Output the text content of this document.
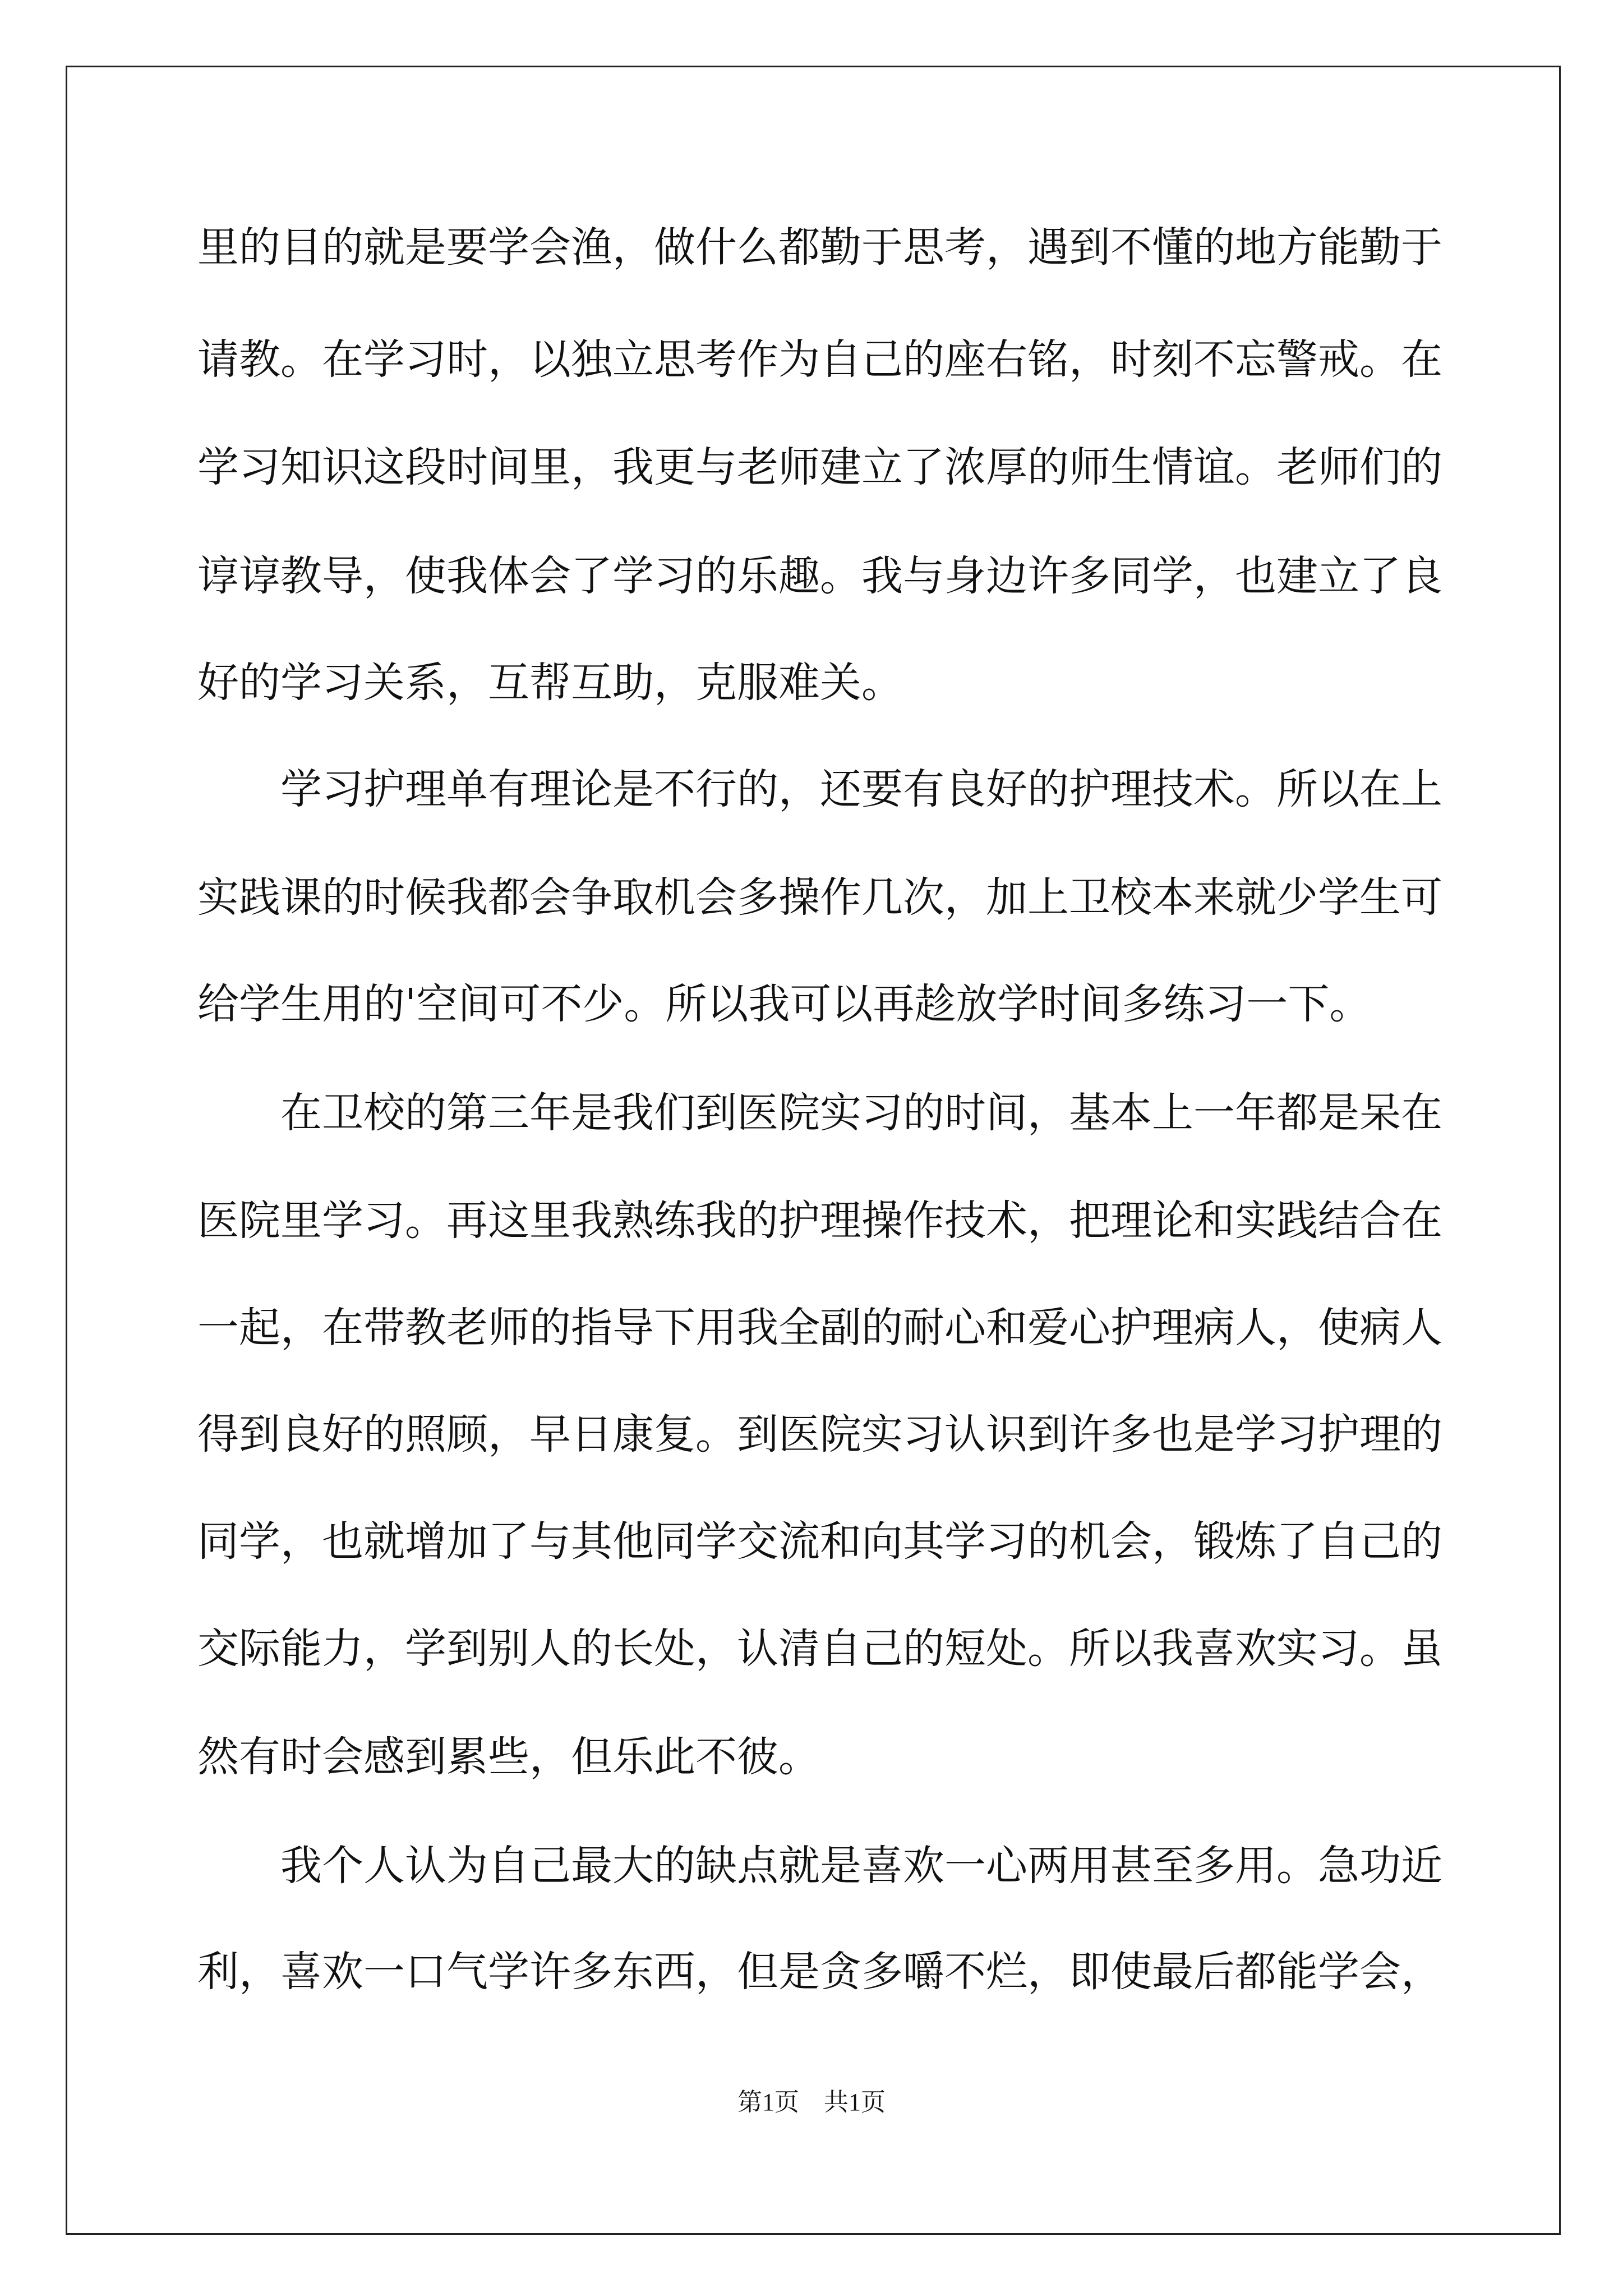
里的目的就是要学会渔，做什么都勤于思考，遇到不懂的地方能勤于

请教。在学习时，以独立思考作为自己的座右铭，时刻不忘警戒。在

学习知识这段时间里，我更与老师建立了浓厚的师生情谊。老师们的

谆谆教导，使我体会了学习的乐趣。我与身边许多同学，也建立了良

好的学习关系，互帮互助，克服难关。

　　学习护理单有理论是不行的，还要有良好的护理技术。所以在上

实践课的时候我都会争取机会多操作几次，加上卫校本来就少学生可

给学生用的'空间可不少。所以我可以再趁放学时间多练习一下。

　　在卫校的第三年是我们到医院实习的时间，基本上一年都是呆在

医院里学习。再这里我熟练我的护理操作技术，把理论和实践结合在

一起，在带教老师的指导下用我全副的耐心和爱心护理病人，使病人

得到良好的照顾，早日康复。到医院实习认识到许多也是学习护理的

同学，也就增加了与其他同学交流和向其学习的机会，锻炼了自己的

交际能力，学到别人的长处，认清自己的短处。所以我喜欢实习。虽

然有时会感到累些，但乐此不彼。

　　我个人认为自己最大的缺点就是喜欢一心两用甚至多用。急功近

利，喜欢一口气学许多东西，但是贪多嚼不烂，即使最后都能学会，

第1页　共1页
